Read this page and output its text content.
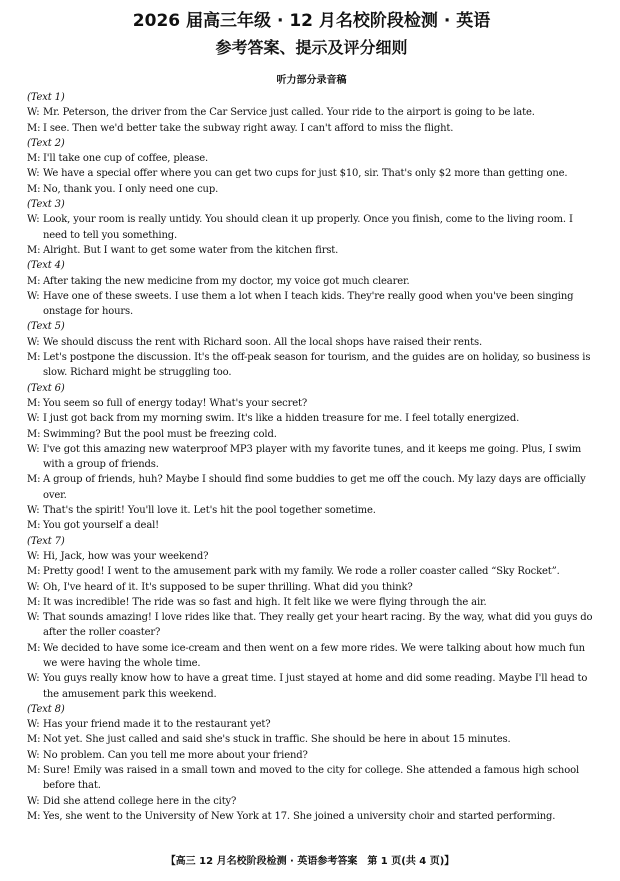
2026 届高三年级 · 12 月名校阶段检测 · 英语
参考答案、提示及评分细则
听力部分录音稿
(Text 1)
W: Mr. Peterson, the driver from the Car Service just called. Your ride to the airport is going to be late.
M: I see. Then we'd better take the subway right away. I can't afford to miss the flight.
(Text 2)
M: I'll take one cup of coffee, please.
W: We have a special offer where you can get two cups for just $10, sir. That's only $2 more than getting one.
M: No, thank you. I only need one cup.
(Text 3)
W: Look, your room is really untidy. You should clean it up properly. Once you finish, come to the living room. I need to tell you something.
M: Alright. But I want to get some water from the kitchen first.
(Text 4)
M: After taking the new medicine from my doctor, my voice got much clearer.
W: Have one of these sweets. I use them a lot when I teach kids. They're really good when you've been singing onstage for hours.
(Text 5)
W: We should discuss the rent with Richard soon. All the local shops have raised their rents.
M: Let's postpone the discussion. It's the off-peak season for tourism, and the guides are on holiday, so business is slow. Richard might be struggling too.
(Text 6)
M: You seem so full of energy today! What's your secret?
W: I just got back from my morning swim. It's like a hidden treasure for me. I feel totally energized.
M: Swimming? But the pool must be freezing cold.
W: I've got this amazing new waterproof MP3 player with my favorite tunes, and it keeps me going. Plus, I swim with a group of friends.
M: A group of friends, huh? Maybe I should find some buddies to get me off the couch. My lazy days are officially over.
W: That's the spirit! You'll love it. Let's hit the pool together sometime.
M: You got yourself a deal!
(Text 7)
W: Hi, Jack, how was your weekend?
M: Pretty good! I went to the amusement park with my family. We rode a roller coaster called “Sky Rocket”.
W: Oh, I've heard of it. It's supposed to be super thrilling. What did you think?
M: It was incredible! The ride was so fast and high. It felt like we were flying through the air.
W: That sounds amazing! I love rides like that. They really get your heart racing. By the way, what did you guys do after the roller coaster?
M: We decided to have some ice-cream and then went on a few more rides. We were talking about how much fun we were having the whole time.
W: You guys really know how to have a great time. I just stayed at home and did some reading. Maybe I'll head to the amusement park this weekend.
(Text 8)
W: Has your friend made it to the restaurant yet?
M: Not yet. She just called and said she's stuck in traffic. She should be here in about 15 minutes.
W: No problem. Can you tell me more about your friend?
M: Sure! Emily was raised in a small town and moved to the city for college. She attended a famous high school before that.
W: Did she attend college here in the city?
M: Yes, she went to the University of New York at 17. She joined a university choir and started performing.
【高三 12 月名校阶段检测 · 英语参考答案　第 1 页(共 4 页)】
